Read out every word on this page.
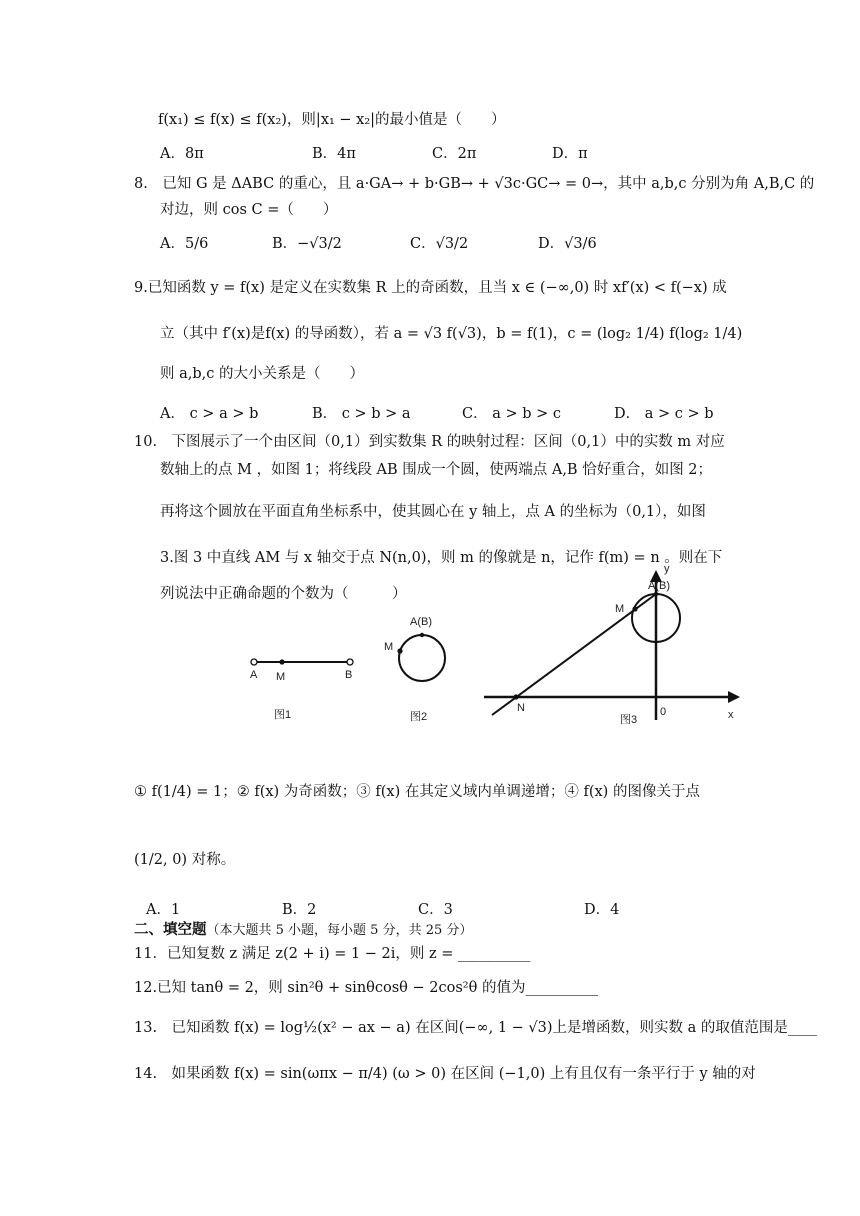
f(x₁) ≤ f(x) ≤ f(x₂)，则|x₁ − x₂|的最小值是（　　）
A．8π	B．4π	C．2π	D．π
8.　已知 G 是 ΔABC 的重心，且 a·GA→ + b·GB→ + √3c·GC→ = 0→，其中 a,b,c 分别为角 A,B,C 的
对边，则 cos C =（　　）
A．5/6	B．−√3/2	C．√3/2	D．√3/6
9.已知函数 y = f(x) 是定义在实数集 R 上的奇函数，且当 x ∈ (−∞,0) 时 xf′(x) < f(−x) 成
立（其中 f′(x)是f(x) 的导函数），若 a = √3 f(√3)，b = f(1)，c = (log₂ 1/4) f(log₂ 1/4)
则 a,b,c 的大小关系是（　　）
A． c > a > b	B． c > b > a	C． a > b > c	D． a > c > b
10.　下图展示了一个由区间（0,1）到实数集 R 的映射过程：区间（0,1）中的实数 m 对应
数轴上的点 M ，如图 1；将线段 AB 围成一个圆，使两端点 A,B 恰好重合，如图 2；
再将这个圆放在平面直角坐标系中，使其圆心在 y 轴上，点 A 的坐标为（0,1），如图
3.图 3 中直线 AM 与 x 轴交于点 N(n,0)，则 m 的像就是 n，记作 f(m) = n 。则在下
列说法中正确命题的个数为（　　　）
A M	B
图1
A(B)
M
图2
y
A(B)
M
N	0	x
图3
① f(1/4) = 1；② f(x) 为奇函数；③ f(x) 在其定义域内单调递增；④ f(x) 的图像关于点
(1/2, 0) 对称。
A．1	B．2	C．3	D．4
二、填空题（本大题共 5 小题，每小题 5 分，共 25 分）
11．已知复数 z 满足 z(2 + i) = 1 − 2i，则 z = __________
12.已知 tanθ = 2，则 sin²θ + sinθcosθ − 2cos²θ 的值为__________
13.　已知函数 f(x) = log½(x² − ax − a) 在区间(−∞, 1 − √3)上是增函数，则实数 a 的取值范围是____
14.　如果函数 f(x) = sin(ωπx − π/4) (ω > 0) 在区间 (−1,0) 上有且仅有一条平行于 y 轴的对
